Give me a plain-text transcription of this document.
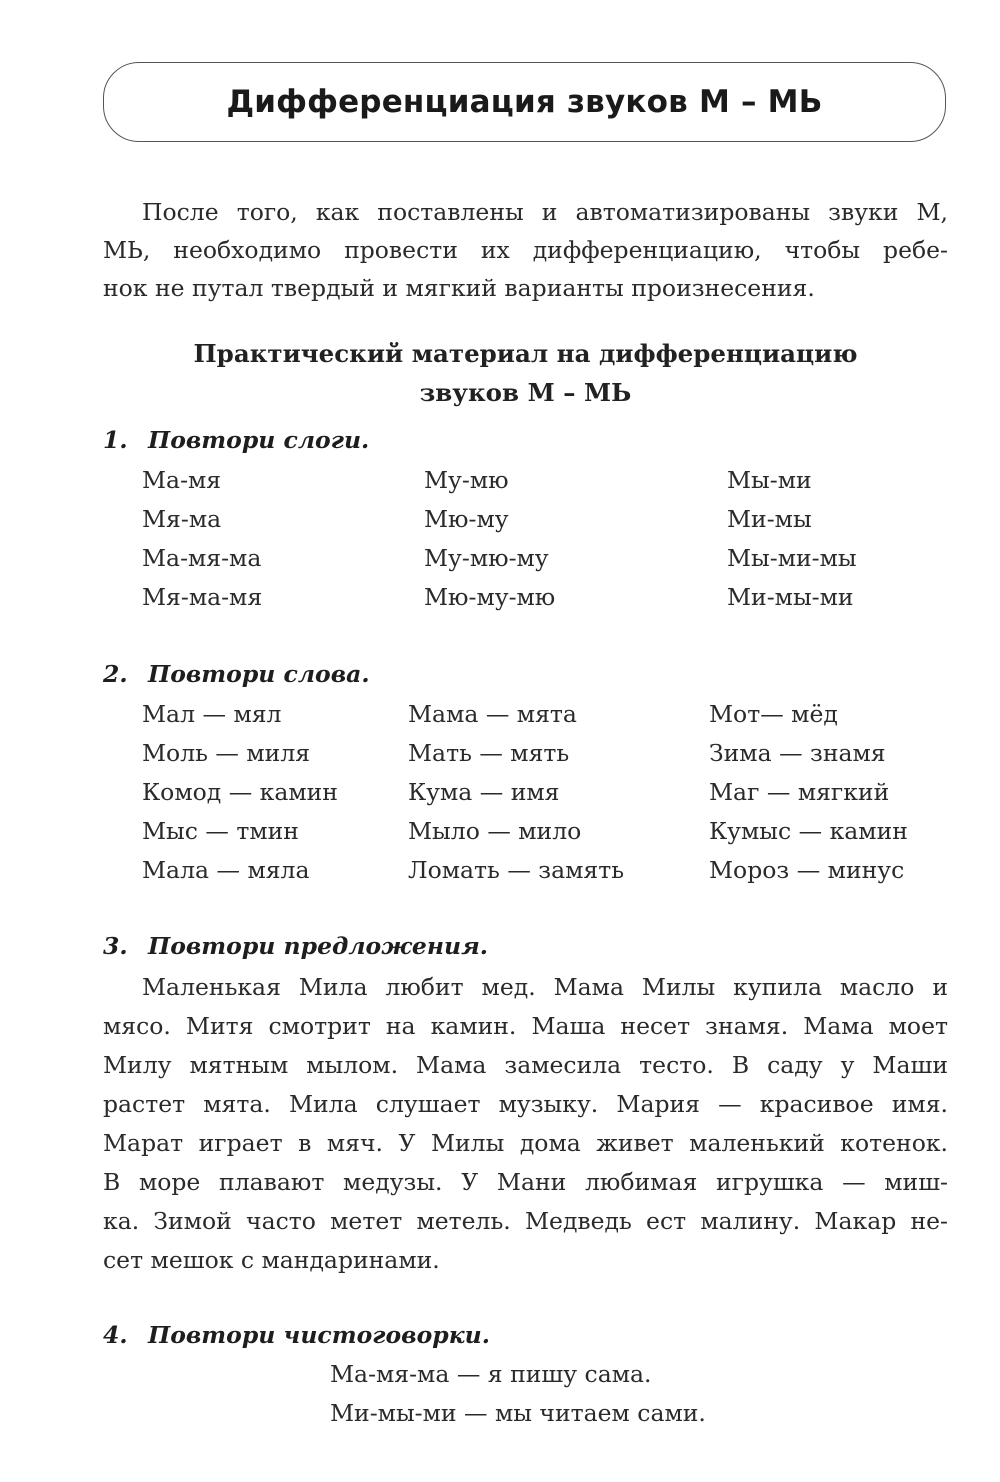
Дифференциация звуков М – МЬ

После того, как поставлены и автоматизированы звуки М,
МЬ, необходимо провести их дифференциацию, чтобы ребе-
нок не путал твердый и мягкий варианты произнесения.

Практический материал на дифференциацию
звуков М – МЬ
1. Повтори слоги.
Ма-мя	Му-мю	Мы-ми
Мя-ма	Мю-му	Ми-мы
Ма-мя-ма	Му-мю-му	Мы-ми-мы
Мя-ма-мя	Мю-му-мю	Ми-мы-ми
2. Повтори слова.
Мал — мял	Мама — мята	Мот— мёд
Моль — миля	Мать — мять	Зима — знамя
Комод — камин	Кума — имя	Маг — мягкий
Мыс — тмин	Мыло — мило	Кумыс — камин
Мала — мяла	Ломать — замять	Мороз — минус
3. Повтори предложения.

Маленькая Мила любит мед. Мама Милы купила масло и
мясо. Митя смотрит на камин. Маша несет знамя. Мама моет
Милу мятным мылом. Мама замесила тесто. В саду у Маши
растет мята. Мила слушает музыку. Мария — красивое имя.
Марат играет в мяч. У Милы дома живет маленький котенок.
В море плавают медузы. У Мани любимая игрушка — миш-
ка. Зимой часто метет метель. Медведь ест малину. Макар не-
сет мешок с мандаринами.

4. Повтори чистоговорки.

Ма-мя-ма — я пишу сама.

Ми-мы-ми — мы читаем сами.
